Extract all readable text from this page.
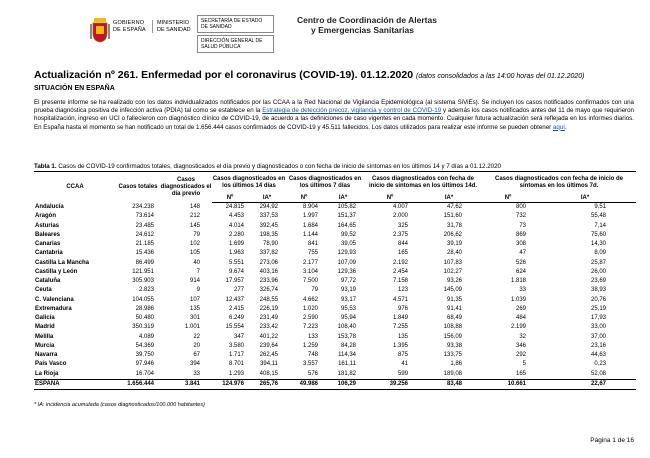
GOBIERNO
DE ESPAÑA
MINISTERIO
DE SANIDAD
SECRETARÍA DE ESTADO DE SANIDAD
DIRECCIÓN GENERAL DE SALUD PÚBLICA
Centro de Coordinación de Alertas
y Emergencias Sanitarias
Actualización nº 261. Enfermedad por el coronavirus (COVID-19). 01.12.2020 (datos consolidados a las 14:00 horas del 01.12.2020)
SITUACIÓN EN ESPAÑA
El presente informe se ha realizado con los datos individualizados notificados por las CCAA a la Red Nacional de Vigilancia Epidemiológica (al sistema SiViEs). Se incluyen los casos notificados confirmados con una prueba diagnóstica positiva de infección activa (PDIA) tal como se establece en la Estrategia de detección precoz, vigilancia y control de COVID-19 y además los casos notificados antes del 11 de mayo que requirieron hospitalización, ingreso en UCI o fallecieron con diagnóstico clínico de COVID-19, de acuerdo a las definiciones de caso vigentes en cada momento. Cualquier futura actualización será reflejada en los informes diarios. En España hasta el momento se han notificado un total de 1.656.444 casos confirmados de COVID-19 y 45.511 fallecidos. Los datos utilizados para realizar este informe se pueden obtener aquí.
Tabla 1. Casos de COVID-19 confirmados totales, diagnosticados el día previo y diagnosticados o con fecha de inicio de síntomas en los últimos 14 y 7 días a 01.12.2020
CCAA	Casos totales	Casos diagnosticados el día previo	Casos diagnosticados en los últimos 14 días		Casos diagnosticados en los últimos 7 días		Casos diagnosticados con fecha de inicio de síntomas en los últimos 14d.		Casos diagnosticados con fecha de inicio de síntomas en los últimos 7d.	
			Nº	IA*	Nº	IA*	Nº	IA*	Nº	IA*
Andalucía	234.238	148	24.815	294,92	8.904	105,82	4.007	47,62	800	9,51
Aragón	73.614	212	4.453	337,53	1.997	151,37	2.000	151,60	732	55,48
Asturias	23.485	145	4.014	392,45	1.684	164,65	325	31,78	73	7,14
Baleares	24.612	79	2.280	198,35	1.144	99,52	2.375	206,62	869	75,60
Canarias	21.185	102	1.699	78,90	841	39,05	844	39,19	308	14,30
Cantabria	15.436	105	1.963	337,82	755	129,93	165	28,40	47	8,09
Castilla La Mancha	86.499	40	5.551	273,06	2.177	107,09	2.192	107,83	526	25,87
Castilla y León	121.951	7	9.674	403,16	3.104	129,36	2.454	102,27	624	26,00
Cataluña	305.903	914	17.957	233,96	7.500	97,72	7.158	93,26	1.818	23,69
Ceuta	2.823	9	277	326,74	79	93,19	123	145,09	33	38,93
C. Valenciana	104.055	107	12.437	248,55	4.662	93,17	4.571	91,35	1.039	20,76
Extremadura	28.986	135	2.415	226,19	1.020	95,53	976	91,41	269	25,19
Galicia	50.480	301	6.249	231,49	2.590	95,94	1.849	68,49	484	17,93
Madrid	350.319	1.001	15.554	233,42	7.223	108,40	7.255	108,88	2.199	33,00
Melilla	4.089	22	347	401,22	133	153,78	135	156,09	32	37,00
Murcia	54.369	20	3.580	239,64	1.259	84,28	1.395	93,38	346	23,16
Navarra	39.750	67	1.717	262,45	748	114,34	875	133,75	292	44,63
País Vasco	97.946	394	8.701	394,11	3.557	161,11	41	1,86	5	0,23
La Rioja	16.704	33	1.293	408,15	576	181,82	599	189,08	165	52,08
ESPAÑA	1.656.444	3.841	124.976	265,76	49.986	106,29	39.256	83,48	10.661	22,67
* IA: incidencia acumulada (casos diagnosticados/100.000 habitantes)
Página 1 de 16
